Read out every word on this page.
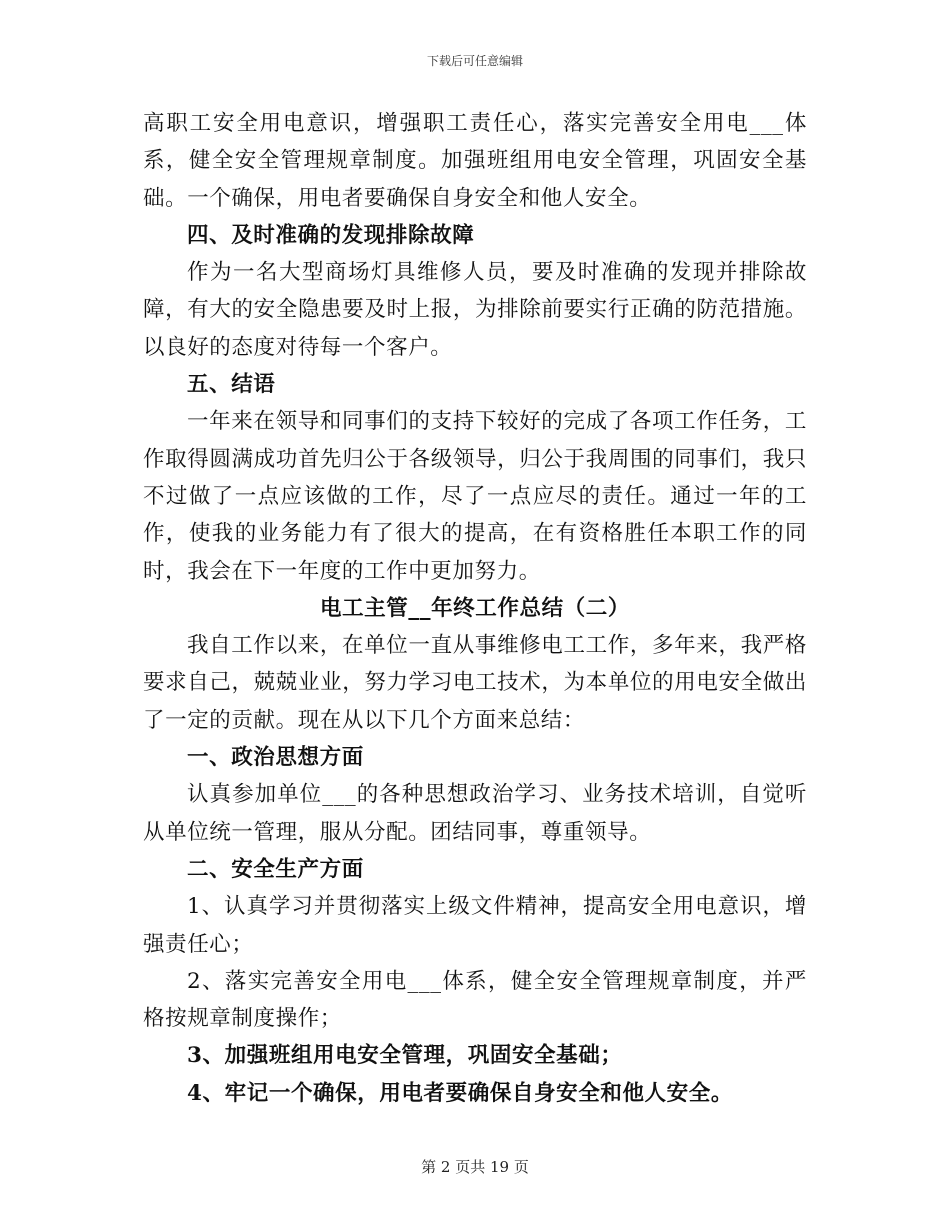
下载后可任意编辑

高职工安全用电意识，增强职工责任心，落实完善安全用电___体系，健全安全管理规章制度。加强班组用电安全管理，巩固安全基础。一个确保，用电者要确保自身安全和他人安全。

四、及时准确的发现排除故障

作为一名大型商场灯具维修人员，要及时准确的发现并排除故障，有大的安全隐患要及时上报，为排除前要实行正确的防范措施。以良好的态度对待每一个客户。

五、结语

一年来在领导和同事们的支持下较好的完成了各项工作任务，工作取得圆满成功首先归公于各级领导，归公于我周围的同事们，我只不过做了一点应该做的工作，尽了一点应尽的责任。通过一年的工作，使我的业务能力有了很大的提高，在有资格胜任本职工作的同时，我会在下一年度的工作中更加努力。

电工主管__年终工作总结（二）

我自工作以来，在单位一直从事维修电工工作，多年来，我严格要求自己，兢兢业业，努力学习电工技术，为本单位的用电安全做出了一定的贡献。现在从以下几个方面来总结：

一、政治思想方面

认真参加单位___的各种思想政治学习、业务技术培训，自觉听从单位统一管理，服从分配。团结同事，尊重领导。

二、安全生产方面

1、认真学习并贯彻落实上级文件精神，提高安全用电意识，增强责任心；

2、落实完善安全用电___体系，健全安全管理规章制度，并严格按规章制度操作；

3、加强班组用电安全管理，巩固安全基础；

4、牢记一个确保，用电者要确保自身安全和他人安全。

第 2 页共 19 页
